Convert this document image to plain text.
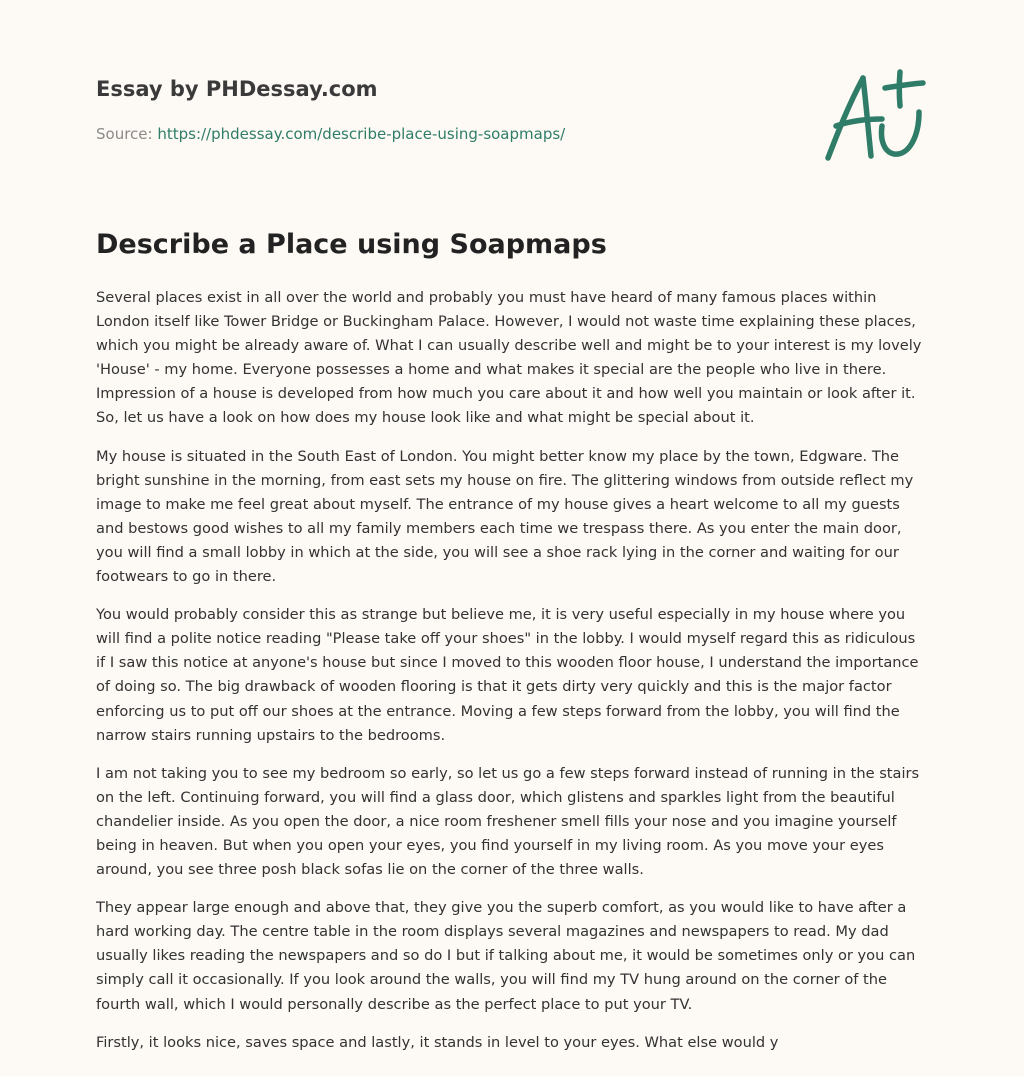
Essay by PHDessay.com
Source: https://phdessay.com/describe-place-using-soapmaps/
Describe a Place using Soapmaps

Several places exist in all over the world and probably you must have heard of many famous places within London itself like Tower Bridge or Buckingham Palace. However, I would not waste time explaining these places, which you might be already aware of. What I can usually describe well and might be to your interest is my lovely 'House' - my home. Everyone possesses a home and what makes it special are the people who live in there. Impression of a house is developed from how much you care about it and how well you maintain or look after it. So, let us have a look on how does my house look like and what might be special about it.

My house is situated in the South East of London. You might better know my place by the town, Edgware. The bright sunshine in the morning, from east sets my house on fire. The glittering windows from outside reflect my image to make me feel great about myself. The entrance of my house gives a heart welcome to all my guests and bestows good wishes to all my family members each time we trespass there. As you enter the main door, you will find a small lobby in which at the side, you will see a shoe rack lying in the corner and waiting for our footwears to go in there.

You would probably consider this as strange but believe me, it is very useful especially in my house where you will find a polite notice reading "Please take off your shoes" in the lobby. I would myself regard this as ridiculous if I saw this notice at anyone's house but since I moved to this wooden floor house, I understand the importance of doing so. The big drawback of wooden flooring is that it gets dirty very quickly and this is the major factor enforcing us to put off our shoes at the entrance. Moving a few steps forward from the lobby, you will find the narrow stairs running upstairs to the bedrooms.

I am not taking you to see my bedroom so early, so let us go a few steps forward instead of running in the stairs on the left. Continuing forward, you will find a glass door, which glistens and sparkles light from the beautiful chandelier inside. As you open the door, a nice room freshener smell fills your nose and you imagine yourself being in heaven. But when you open your eyes, you find yourself in my living room. As you move your eyes around, you see three posh black sofas lie on the corner of the three walls.

They appear large enough and above that, they give you the superb comfort, as you would like to have after a hard working day. The centre table in the room displays several magazines and newspapers to read. My dad usually likes reading the newspapers and so do I but if talking about me, it would be sometimes only or you can simply call it occasionally. If you look around the walls, you will find my TV hung around on the corner of the fourth wall, which I would personally describe as the perfect place to put your TV.

Firstly, it looks nice, saves space and lastly, it stands in level to your eyes. What else would y
